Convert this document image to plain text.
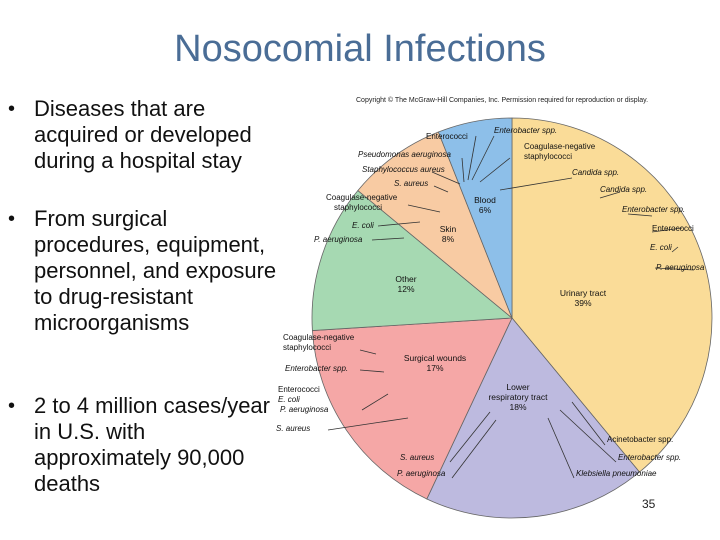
Nosocomial Infections
• Diseases that are acquired or developed during a hospital stay
• From surgical procedures, equipment, personnel, and exposure to drug-resistant microorganisms
• 2 to 4 million cases/year in U.S. with approximately 90,000 deaths
Copyright © The McGraw-Hill Companies, Inc. Permission required for reproduction or display.
35
Blood 6%
Skin 8%
Other 12%	Urinary tract 39%
Surgical wounds 17%
Lower respiratory tract 18%
Enterobacter spp.
Enterococci
Coagulase-negative staphylococci
Pseudomonas aeruginosa
Staphylococcus aureus	Candida spp.
S. aureus
Coagulase-negative staphylococci
E. coli
P. aeruginosa
Candida spp.
Enterobacter spp.
Enterococci
E. coli
P. aeruginosa
Coagulase-negative staphylococci
Enterobacter spp.
Enterococci
E. coli
P. aeruginosa
S. aureus
S. aureus
P. aeruginosa
Acinetobacter spp.
Enterobacter spp.
Klebsiella pneumoniae
